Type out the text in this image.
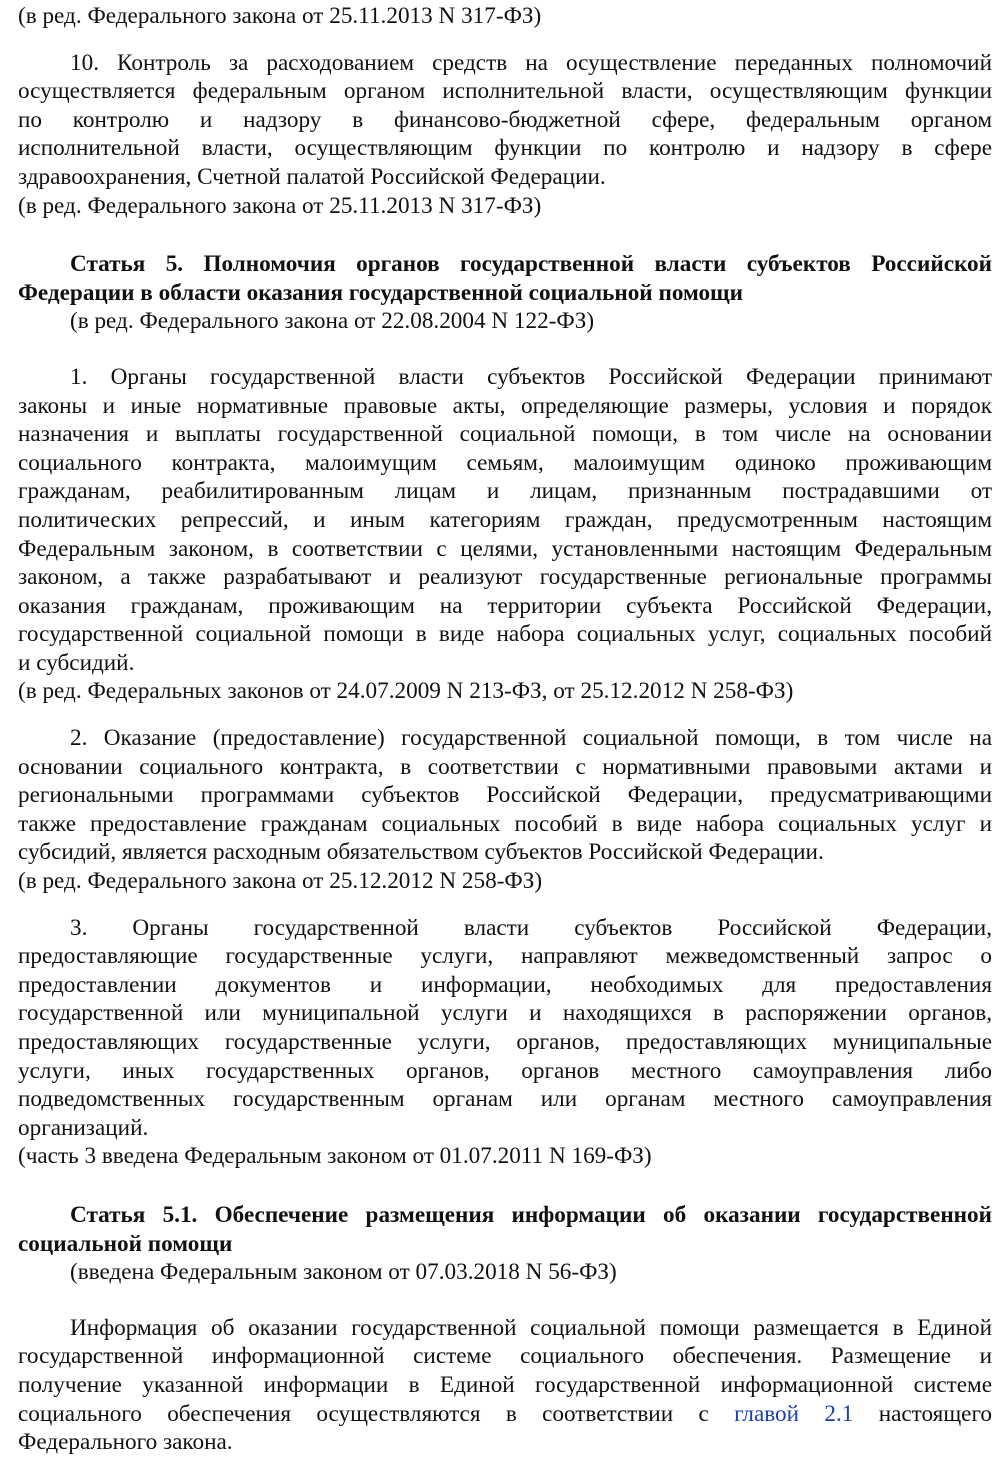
(в ред. Федерального закона от 25.11.2013 N 317-ФЗ)
10. Контроль за расходованием средств на осуществление переданных полномочий
осуществляется федеральным органом исполнительной власти, осуществляющим функции
по контролю и надзору в финансово-бюджетной сфере, федеральным органом
исполнительной власти, осуществляющим функции по контролю и надзору в сфере
здравоохранения, Счетной палатой Российской Федерации.
(в ред. Федерального закона от 25.11.2013 N 317-ФЗ)
Статья 5. Полномочия органов государственной власти субъектов Российской
Федерации в области оказания государственной социальной помощи
(в ред. Федерального закона от 22.08.2004 N 122-ФЗ)
1. Органы государственной власти субъектов Российской Федерации принимают
законы и иные нормативные правовые акты, определяющие размеры, условия и порядок
назначения и выплаты государственной социальной помощи, в том числе на основании
социального контракта, малоимущим семьям, малоимущим одиноко проживающим
гражданам, реабилитированным лицам и лицам, признанным пострадавшими от
политических репрессий, и иным категориям граждан, предусмотренным настоящим
Федеральным законом, в соответствии с целями, установленными настоящим Федеральным
законом, а также разрабатывают и реализуют государственные региональные программы
оказания гражданам, проживающим на территории субъекта Российской Федерации,
государственной социальной помощи в виде набора социальных услуг, социальных пособий
и субсидий.
(в ред. Федеральных законов от 24.07.2009 N 213-ФЗ, от 25.12.2012 N 258-ФЗ)
2. Оказание (предоставление) государственной социальной помощи, в том числе на
основании социального контракта, в соответствии с нормативными правовыми актами и
региональными программами субъектов Российской Федерации, предусматривающими
также предоставление гражданам социальных пособий в виде набора социальных услуг и
субсидий, является расходным обязательством субъектов Российской Федерации.
(в ред. Федерального закона от 25.12.2012 N 258-ФЗ)
3. Органы государственной власти субъектов Российской Федерации,
предоставляющие государственные услуги, направляют межведомственный запрос о
предоставлении документов и информации, необходимых для предоставления
государственной или муниципальной услуги и находящихся в распоряжении органов,
предоставляющих государственные услуги, органов, предоставляющих муниципальные
услуги, иных государственных органов, органов местного самоуправления либо
подведомственных государственным органам или органам местного самоуправления
организаций.
(часть 3 введена Федеральным законом от 01.07.2011 N 169-ФЗ)
Статья 5.1. Обеспечение размещения информации об оказании государственной
социальной помощи
(введена Федеральным законом от 07.03.2018 N 56-ФЗ)
Информация об оказании государственной социальной помощи размещается в Единой
государственной информационной системе социального обеспечения. Размещение и
получение указанной информации в Единой государственной информационной системе
социального обеспечения осуществляются в соответствии с главой 2.1 настоящего
Федерального закона.
